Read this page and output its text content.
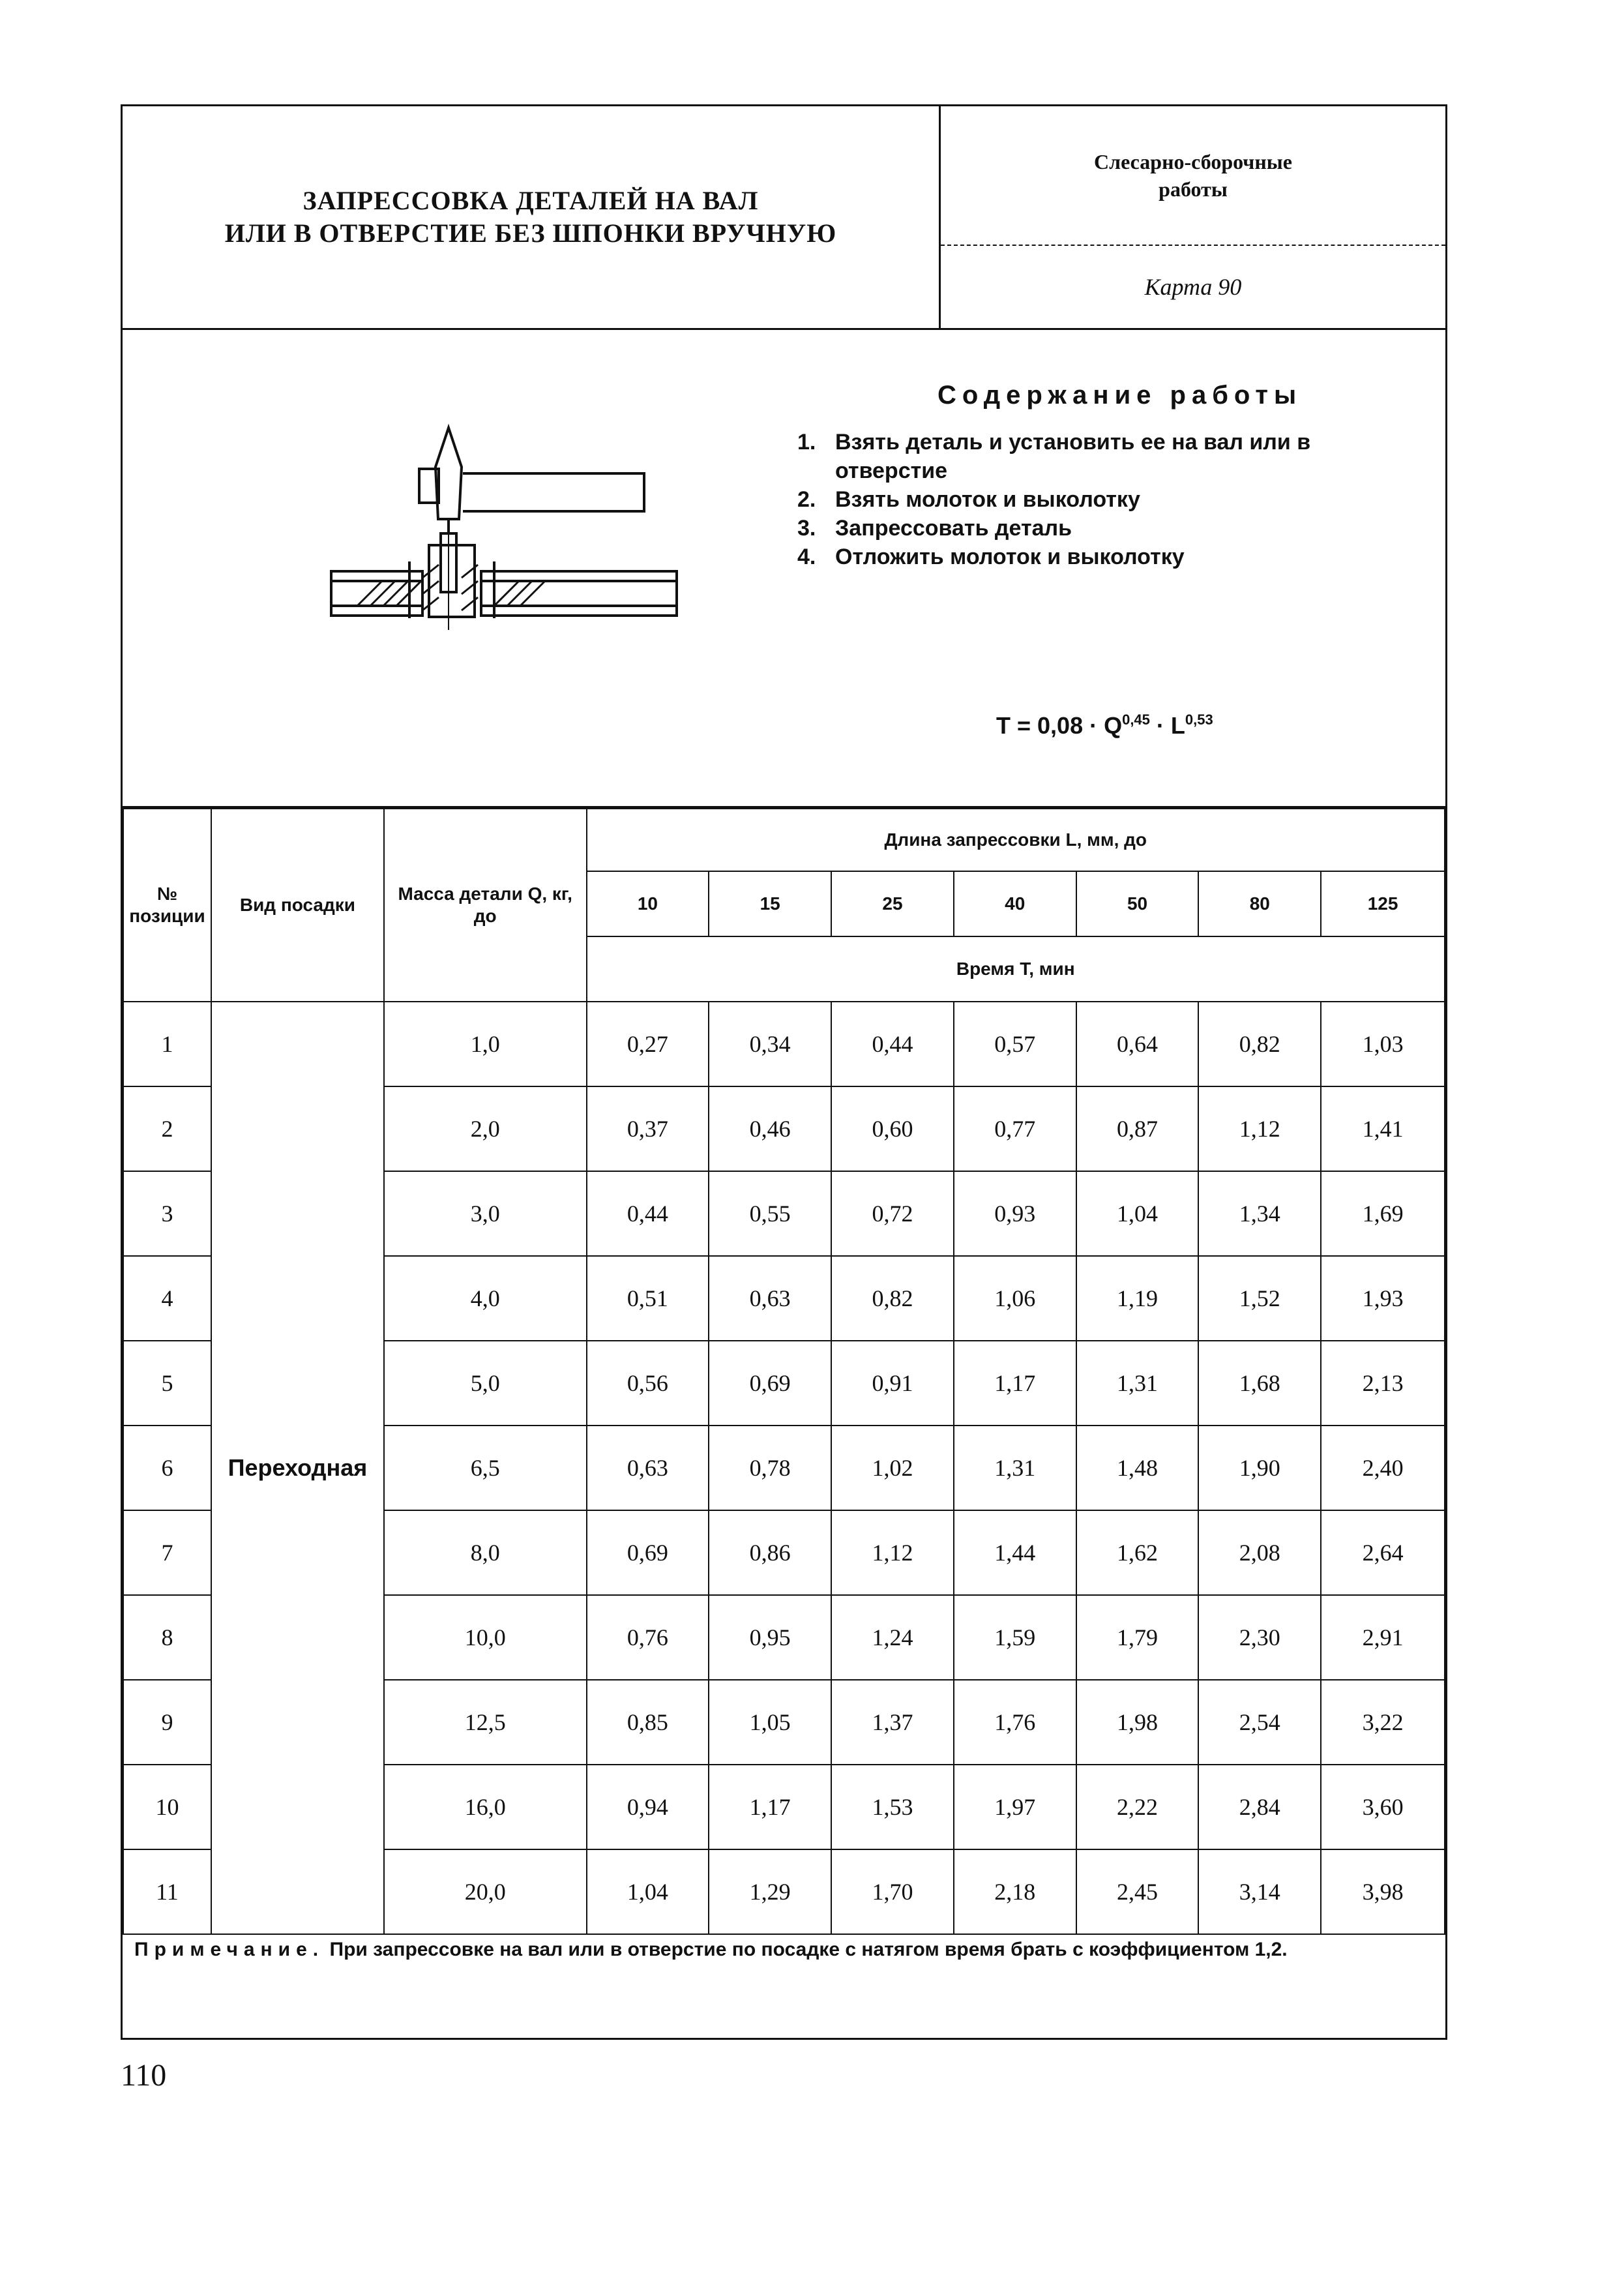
ЗАПРЕССОВКА ДЕТАЛЕЙ НА ВАЛ
ИЛИ В ОТВЕРСТИЕ БЕЗ ШПОНКИ ВРУЧНУЮ
Слесарно-сборочные
работы
Карта 90
Содержание работы
1. Взять деталь и установить ее на вал или в отверстие
2. Взять молоток и выколотку
3. Запрессовать деталь
4. Отложить молоток и выколотку
T = 0,08 · Q$^{0,45}$ · L$^{0,53}$
№ позиции	Вид посадки	Масса детали Q, кг, до	Длина запрессовки L, мм, до						
			10	15	25	40	50	80	125
			Время T, мин						
1	Переходная	1,0	0,27	0,34	0,44	0,57	0,64	0,82	1,03
2		2,0	0,37	0,46	0,60	0,77	0,87	1,12	1,41
3		3,0	0,44	0,55	0,72	0,93	1,04	1,34	1,69
4		4,0	0,51	0,63	0,82	1,06	1,19	1,52	1,93
5		5,0	0,56	0,69	0,91	1,17	1,31	1,68	2,13
6		6,5	0,63	0,78	1,02	1,31	1,48	1,90	2,40
7		8,0	0,69	0,86	1,12	1,44	1,62	2,08	2,64
8		10,0	0,76	0,95	1,24	1,59	1,79	2,30	2,91
9		12,5	0,85	1,05	1,37	1,76	1,98	2,54	3,22
10		16,0	0,94	1,17	1,53	1,97	2,22	2,84	3,60
11		20,0	1,04	1,29	1,70	2,18	2,45	3,14	3,98
Примечание. При запрессовке на вал или в отверстие по посадке с натягом время брать с коэффициентом 1,2.
110
